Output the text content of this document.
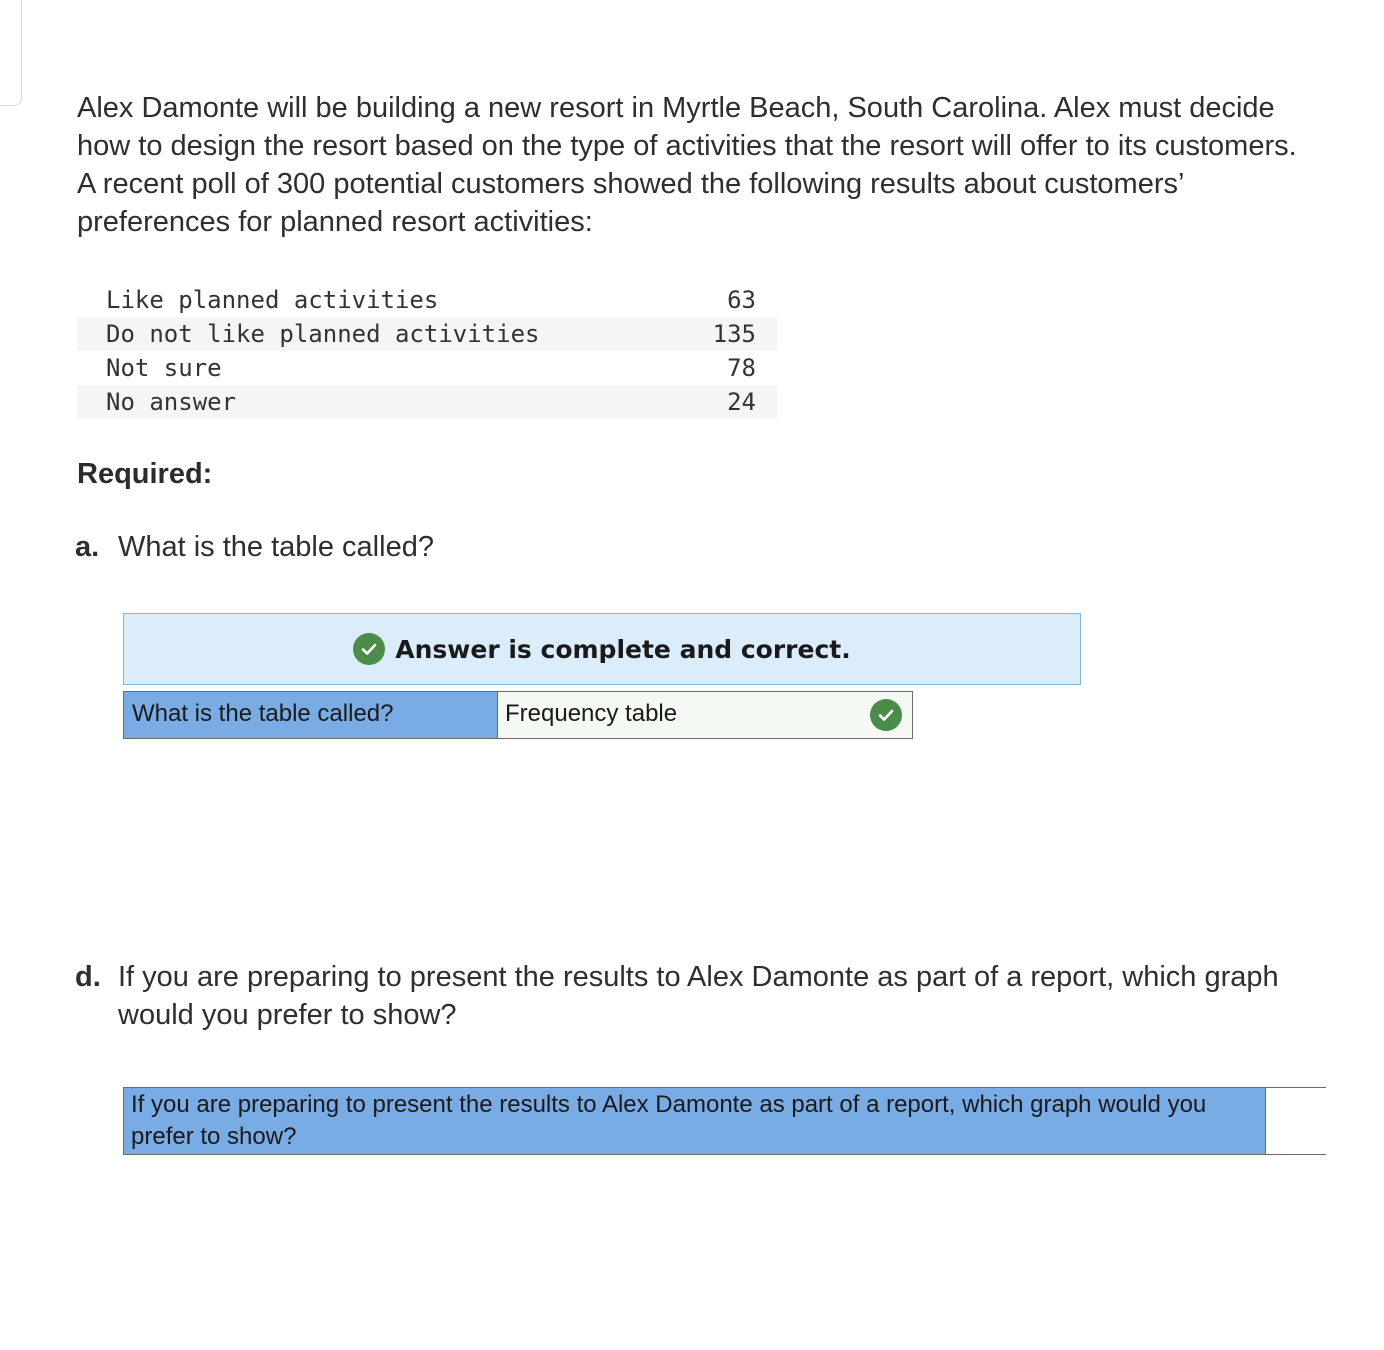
Alex Damonte will be building a new resort in Myrtle Beach, South Carolina. Alex must decide how to design the resort based on the type of activities that the resort will offer to its customers. A recent poll of 300 potential customers showed the following results about customers’ preferences for planned resort activities:

Like planned activities	63
Do not like planned activities	135
Not sure	78
No answer	24

Required:

a. What is the table called?
Answer is complete and correct.
What is the table called?	Frequency table
d. If you are preparing to present the results to Alex Damonte as part of a report, which graph would you prefer to show?
If you are preparing to present the results to Alex Damonte as part of a report, which graph would you prefer to show?
